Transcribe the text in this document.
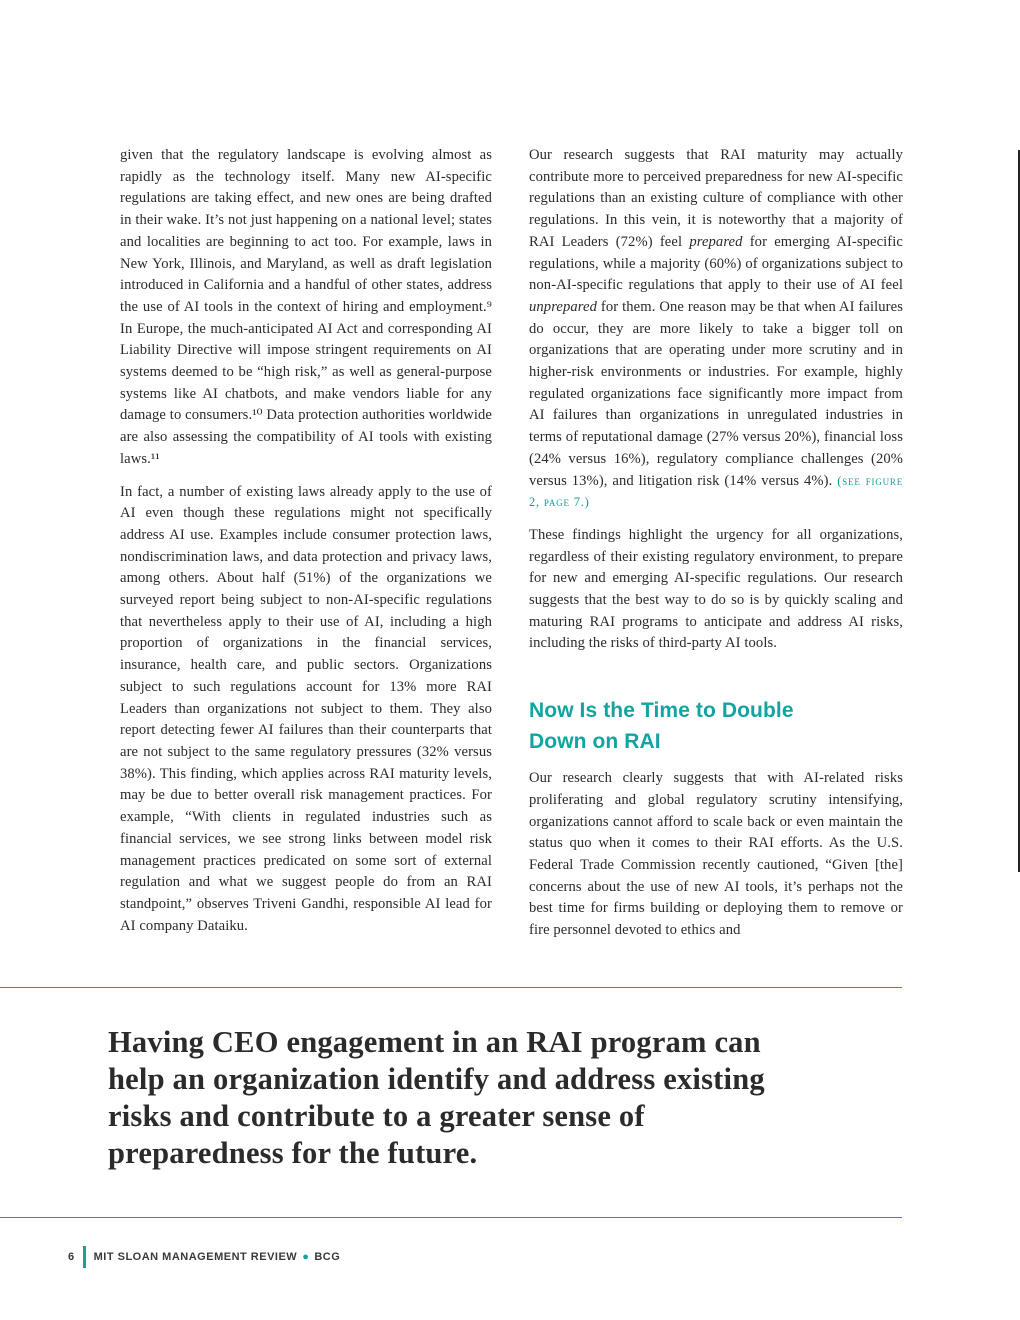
given that the regulatory landscape is evolving almost as rapidly as the technology itself. Many new AI-specific regulations are taking effect, and new ones are being drafted in their wake. It’s not just happening on a national level; states and localities are beginning to act too. For example, laws in New York, Illinois, and Maryland, as well as draft legislation introduced in California and a handful of other states, address the use of AI tools in the context of hiring and employment.⁹ In Europe, the much-anticipated AI Act and corresponding AI Liability Directive will impose stringent requirements on AI systems deemed to be “high risk,” as well as general-purpose systems like AI chatbots, and make vendors liable for any damage to consumers.¹⁰ Data protection authorities worldwide are also assessing the compatibility of AI tools with existing laws.¹¹

In fact, a number of existing laws already apply to the use of AI even though these regulations might not specifically address AI use. Examples include consumer protection laws, nondiscrimination laws, and data protection and privacy laws, among others. About half (51%) of the organizations we surveyed report being subject to non-AI-specific regulations that nevertheless apply to their use of AI, including a high proportion of organizations in the financial services, insurance, health care, and public sectors. Organizations subject to such regulations account for 13% more RAI Leaders than organizations not subject to them. They also report detecting fewer AI failures than their counterparts that are not subject to the same regulatory pressures (32% versus 38%). This finding, which applies across RAI maturity levels, may be due to better overall risk management practices. For example, “With clients in regulated industries such as financial services, we see strong links between model risk management practices predicated on some sort of external regulation and what we suggest people do from an RAI standpoint,” observes Triveni Gandhi, responsible AI lead for AI company Dataiku.

Our research suggests that RAI maturity may actually contribute more to perceived preparedness for new AI-specific regulations than an existing culture of compliance with other regulations. In this vein, it is noteworthy that a majority of RAI Leaders (72%) feel prepared for emerging AI-specific regulations, while a majority (60%) of organizations subject to non-AI-specific regulations that apply to their use of AI feel unprepared for them. One reason may be that when AI failures do occur, they are more likely to take a bigger toll on organizations that are operating under more scrutiny and in higher-risk environments or industries. For example, highly regulated organizations face significantly more impact from AI failures than organizations in unregulated industries in terms of reputational damage (27% versus 20%), financial loss (24% versus 16%), regulatory compliance challenges (20% versus 13%), and litigation risk (14% versus 4%). (see figure 2, page 7.)

These findings highlight the urgency for all organizations, regardless of their existing regulatory environment, to prepare for new and emerging AI-specific regulations. Our research suggests that the best way to do so is by quickly scaling and maturing RAI programs to anticipate and address AI risks, including the risks of third-party AI tools.

Now Is the Time to Double Down on RAI

Our research clearly suggests that with AI-related risks proliferating and global regulatory scrutiny intensifying, organizations cannot afford to scale back or even maintain the status quo when it comes to their RAI efforts. As the U.S. Federal Trade Commission recently cautioned, “Given [the] concerns about the use of new AI tools, it’s perhaps not the best time for firms building or deploying them to remove or fire personnel devoted to ethics and

Having CEO engagement in an RAI program can help an organization identify and address existing risks and contribute to a greater sense of preparedness for the future.
6 MIT SLOAN MANAGEMENT REVIEW ● BCG
